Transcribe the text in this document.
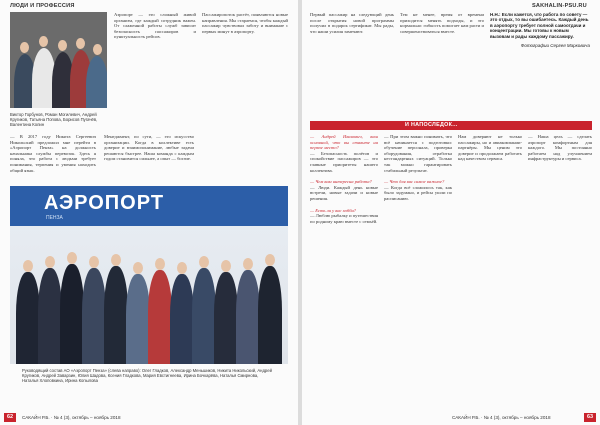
ЛЮДИ И ПРОФЕССИЯ
Виктор Горбунов, Роман Могилевич, Андрей Кругиков, Татьяна Попова, Борисов Пугачёв, Валентина Колин
Аэропорт — это сложный живой организм, где каждый сотрудник важен. От слаженной работы служб зависит безопасность пассажиров и пунктуальность рейсов.
Пассажиропоток растёт, появляются новые направления. Мы стараемся, чтобы каждый пассажир чувствовал заботу и внимание с первых минут в аэропорту.
— В 2017 году Никита Сергеевич Никольский предложил мне перейти в «Аэропорт Пенза» на должность начальника службы перевозок. Здесь я поняла, что работа с людьми требует понимания, терпения и умения находить общий язык.
Менеджмент, по сути, — это искусство организации. Когда в коллективе есть доверие и взаимопонимание, любые задачи решаются быстрее. Наша команда с каждым годом становится сильнее, а опыт — богаче.
АЭРОПОРТ
ПЕНЗА
Руководящий состав АО «Аэропорт Пенза» (слева направо): Олег Гладков, Александр Меньшиков, Никита Никольский, Андрей Кругиков, Андрей Заварзин, Юлия Шадова, Ксения Гладкова, Мария Евстигнеева, Ирина Бочкарёва, Наталья Смирнова, Наталья Хлоповкина, Ирина Копылова
62	САКАЙН Р.Б. · № 4 (3), октябрь – ноябрь 2018
SAKHALIN-PSU.RU
Первый пассажир на следующий день после открытия новой программы получил в подарок сертификат. Мы рады, что наши усилия замечают.
Тем не менее, время от времени приходится менять подходы, и это нормально: гибкость помогает нам расти и совершенствоваться вместе.
Н.Н.: Если кажется, что работа по совету — это отдых, то вы ошибаетесь. Каждый день в аэропорту требует полной самоотдачи и концентрации. Мы готовы к новым вызовам и рады каждому пассажиру.
Фотографии Сергея Марковича
И НАПОСЛЕДОК...
— Андрей Иванович, ваш основной, что вы ставите на первое место?
— Безопасность полётов и спокойствие пассажиров — это главные приоритеты нашего коллектива.
— Чем вам интересна работа?
— Люди. Каждый день новые встречи, новые задачи и новые решения.
— Есть ли у вас хобби?
— Люблю рыбалку и путешествия по родному краю вместе с семьёй.
— При этом важно понимать, что всё начинается с подготовки: обучение персонала, проверка оборудования, отработка нестандартных ситуаций. Только так можно гарантировать стабильный результат.
— Что для вас самое важное?
— Когда всё сложилось так, как было задумано, и рейсы ушли по расписанию.
Нам доверяют не только пассажиры, но и авиакомпании-партнёры. Мы ценим это доверие и продолжаем работать над качеством сервиса.
— Наша цель — сделать аэропорт комфортным для каждого. Мы постоянно работаем над улучшением инфраструктуры и сервиса.
САКАЙН Р.Б. · № 4 (3), октябрь – ноябрь 2018	63
